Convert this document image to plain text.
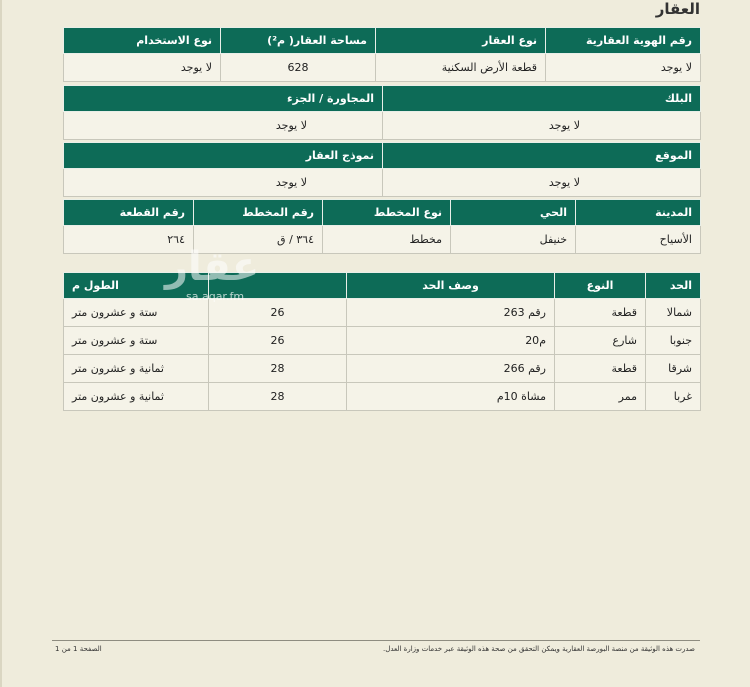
العقار
رقم الهوية العقارية	نوع العقار	مساحة العقار( م²)	نوع الاستخدام
لا يوجد	قطعة الأرض السكنية	628	لا يوجد
البلك	المجاورة / الجزء
لا يوجد	لا يوجد
الموقع	نموذج العقار
لا يوجد	لا يوجد
المدينة	الحي	نوع المخطط	رقم المخطط	رقم القطعة
الأسياح	خنيفل	مخطط	٣٦٤ / ق	٢٦٤
الحد	النوع	وصف الحد		الطول م
شمالا	قطعة	رقم 263	26	ستة و عشرون متر
جنوبا	شارع	م20	26	ستة و عشرون متر
شرقا	قطعة	رقم 266	28	ثمانية و عشرون متر
غربا	ممر	مشاة 10م	28	ثمانية و عشرون متر
عقار
sa.aqar.fm
صدرت هذه الوثيقة من منصة البورصة العقارية ويمكن التحقق من صحة هذه الوثيقة عبر خدمات وزارة العدل.
الصفحة 1 من 1
